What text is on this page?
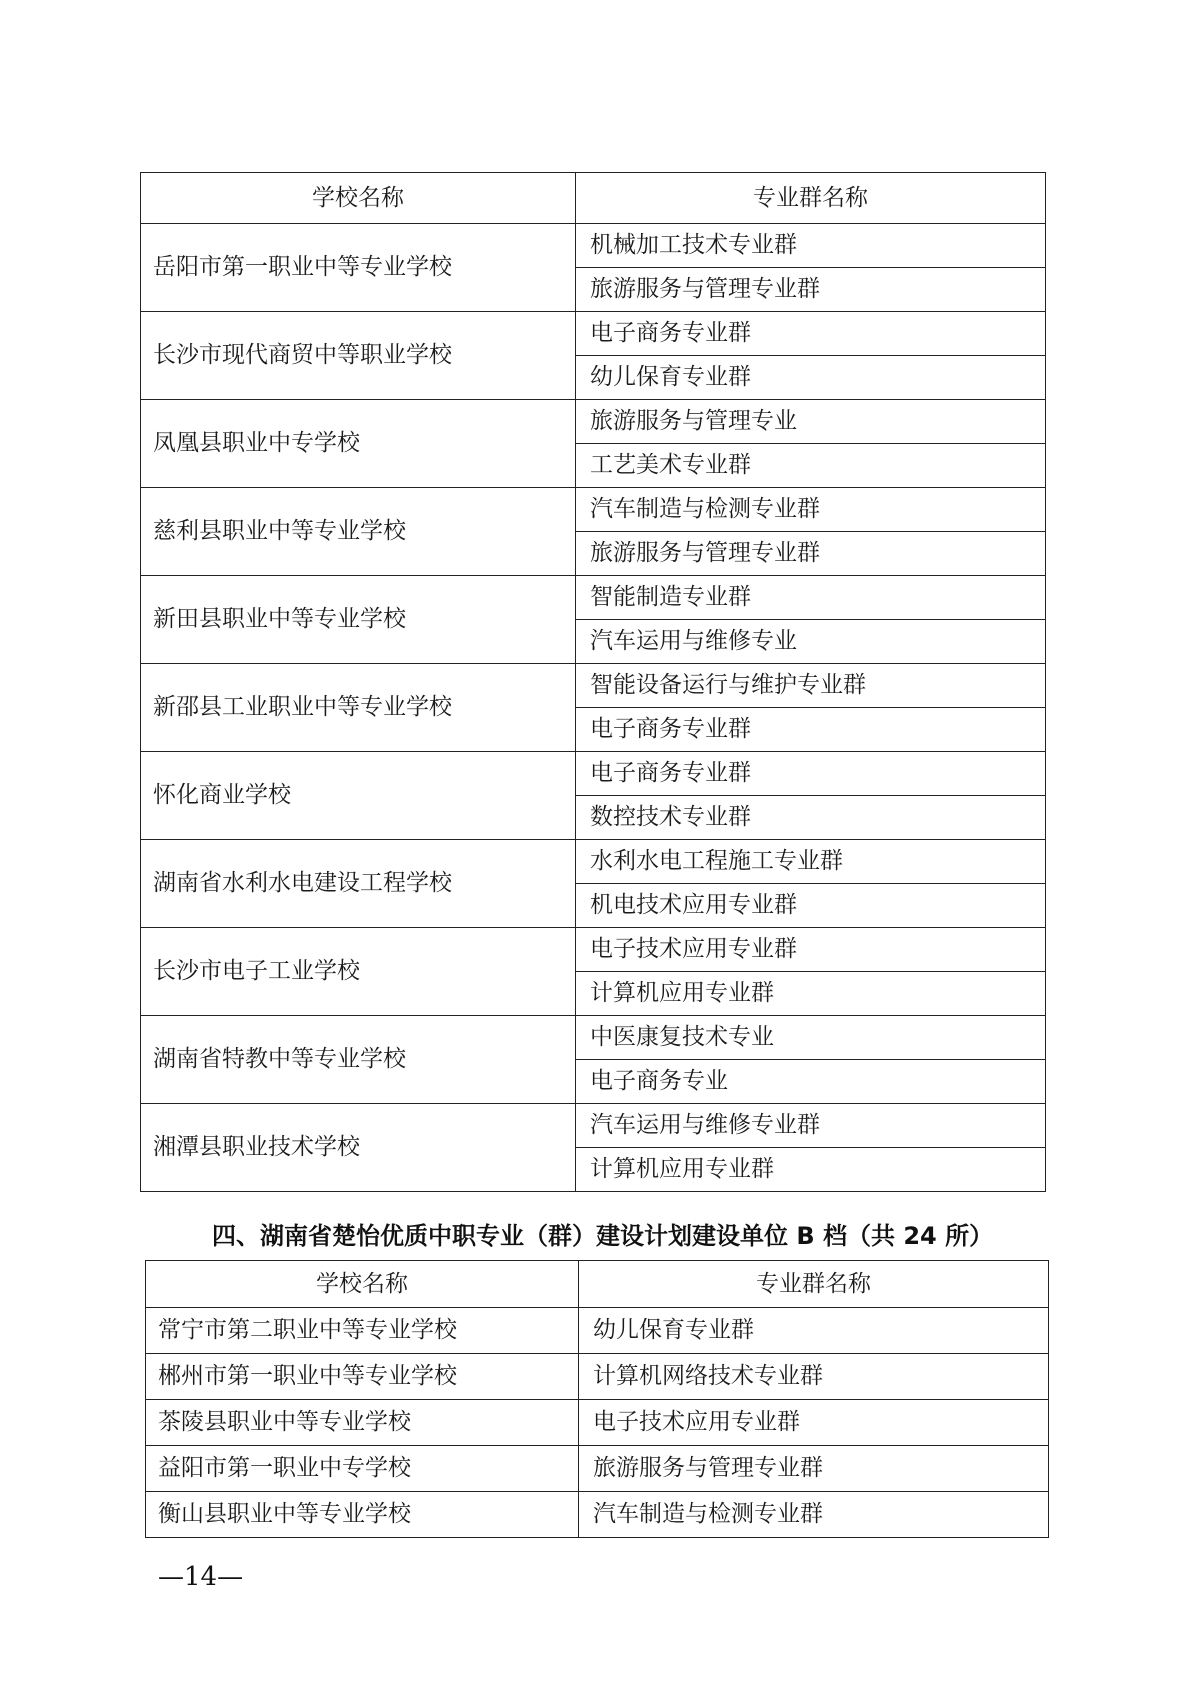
学校名称	专业群名称
岳阳市第一职业中等专业学校	机械加工技术专业群
	旅游服务与管理专业群
长沙市现代商贸中等职业学校	电子商务专业群
	幼儿保育专业群
凤凰县职业中专学校	旅游服务与管理专业
	工艺美术专业群
慈利县职业中等专业学校	汽车制造与检测专业群
	旅游服务与管理专业群
新田县职业中等专业学校	智能制造专业群
	汽车运用与维修专业
新邵县工业职业中等专业学校	智能设备运行与维护专业群
	电子商务专业群
怀化商业学校	电子商务专业群
	数控技术专业群
湖南省水利水电建设工程学校	水利水电工程施工专业群
	机电技术应用专业群
长沙市电子工业学校	电子技术应用专业群
	计算机应用专业群
湖南省特教中等专业学校	中医康复技术专业
	电子商务专业
湘潭县职业技术学校	汽车运用与维修专业群
	计算机应用专业群
四、湖南省楚怡优质中职专业（群）建设计划建设单位 B 档（共 24 所）
学校名称	专业群名称
常宁市第二职业中等专业学校	幼儿保育专业群
郴州市第一职业中等专业学校	计算机网络技术专业群
茶陵县职业中等专业学校	电子技术应用专业群
益阳市第一职业中专学校	旅游服务与管理专业群
衡山县职业中等专业学校	汽车制造与检测专业群
—14—
